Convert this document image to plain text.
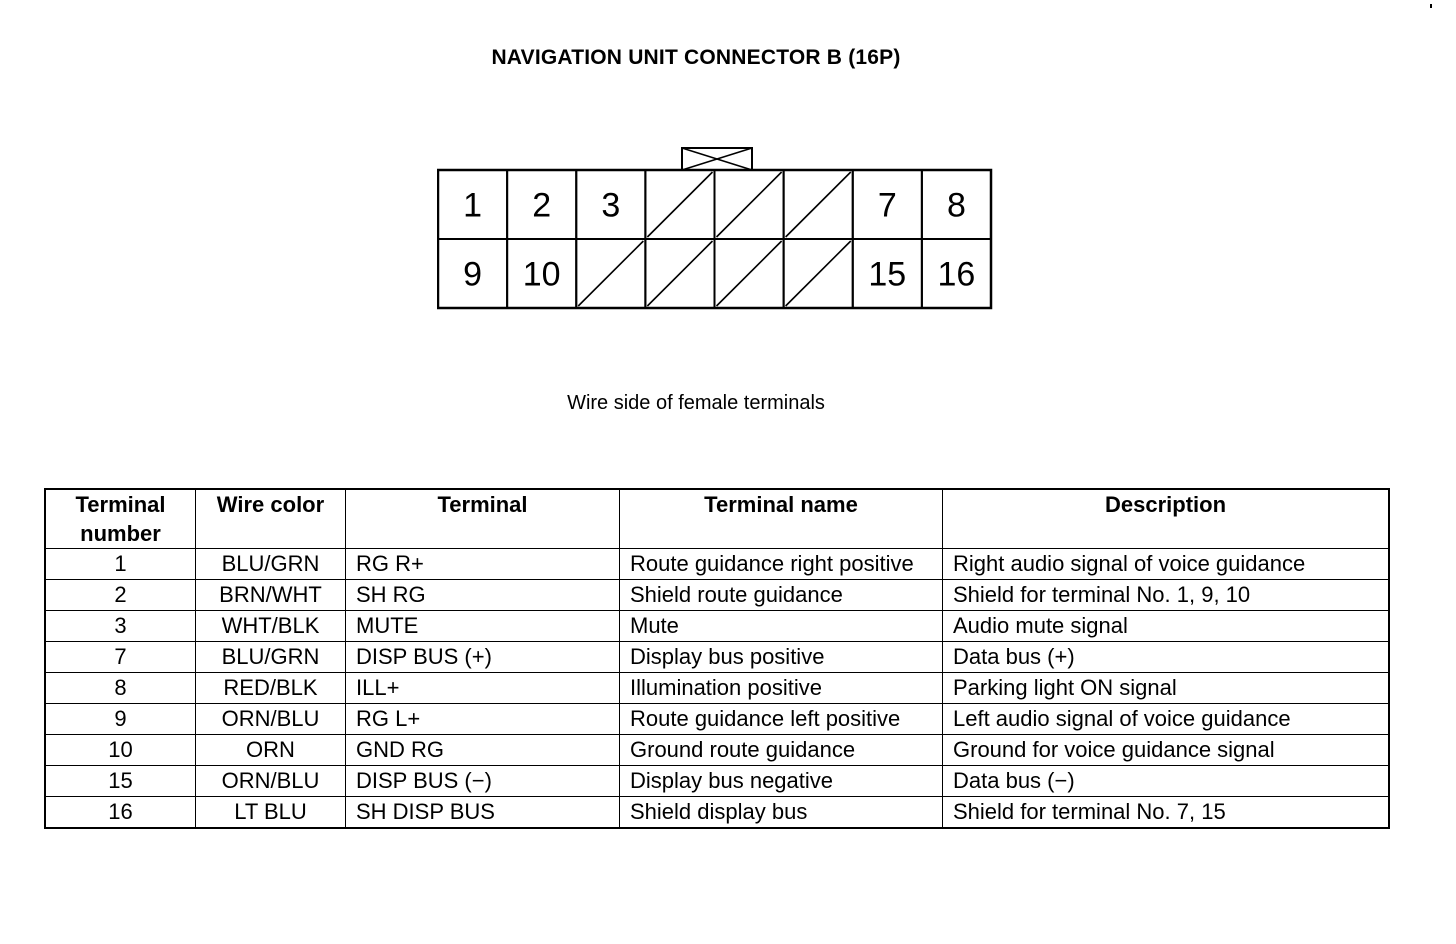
NAVIGATION UNIT CONNECTOR B (16P)
1 2 3	7 8
9 10	15 16
Wire side of female terminals
Terminal number	Wire color	Terminal	Terminal name	Description
1	BLU/GRN	RG R+	Route guidance right positive	Right audio signal of voice guidance
2	BRN/WHT	SH RG	Shield route guidance	Shield for terminal No. 1, 9, 10
3	WHT/BLK	MUTE	Mute	Audio mute signal
7	BLU/GRN	DISP BUS (+)	Display bus positive	Data bus (+)
8	RED/BLK	ILL+	Illumination positive	Parking light ON signal
9	ORN/BLU	RG L+	Route guidance left positive	Left audio signal of voice guidance
10	ORN	GND RG	Ground route guidance	Ground for voice guidance signal
15	ORN/BLU	DISP BUS (−)	Display bus negative	Data bus (−)
16	LT BLU	SH DISP BUS	Shield display bus	Shield for terminal No. 7, 15
